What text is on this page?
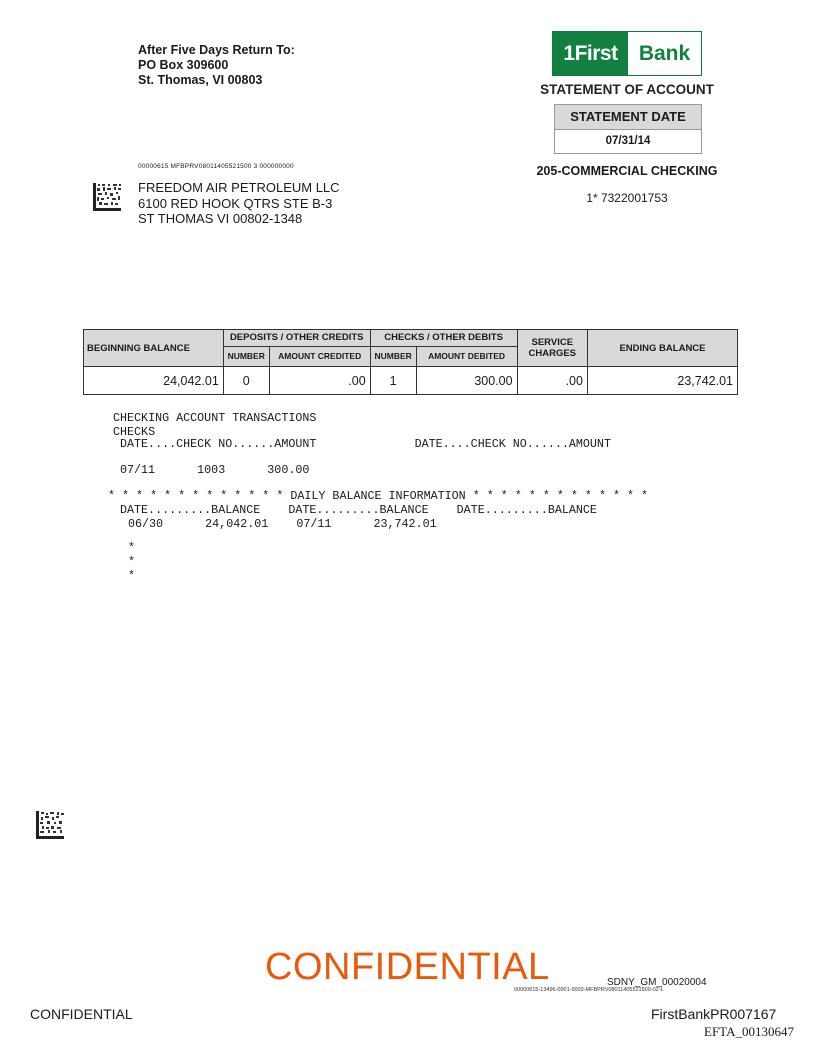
After Five Days Return To:
PO Box 309600
St. Thomas, VI 00803
1First	Bank
STATEMENT OF ACCOUNT
STATEMENT DATE
07/31/14
205-COMMERCIAL CHECKING
1* 7322001753
00000615 MFBPRV08011405521500 3 000000000
FREEDOM AIR PETROLEUM LLC
6100 RED HOOK QTRS STE B-3
ST THOMAS VI 00802-1348
BEGINNING BALANCE	DEPOSITS / OTHER CREDITS		CHECKS / OTHER DEBITS		SERVICE CHARGES	ENDING BALANCE
	NUMBER	AMOUNT CREDITED	NUMBER	AMOUNT DEBITED		
24,042.01	0	.00	1	300.00	.00	23,742.01
CHECKING ACCOUNT TRANSACTIONS
CHECKS
DATE....CHECK NO......AMOUNT              DATE....CHECK NO......AMOUNT
07/11      1003      300.00
* * * * * * * * * * * * * DAILY BALANCE INFORMATION * * * * * * * * * * * * *
DATE.........BALANCE    DATE.........BALANCE    DATE.........BALANCE
06/30      24,042.01    07/11      23,742.01
*
*
*
CONFIDENTIAL	SDNY_GM_00020004
00000615-13496-0001-0003-MFBPRV08011405521500-02-L
CONFIDENTIAL	FirstBankPR007167
EFTA_00130647
